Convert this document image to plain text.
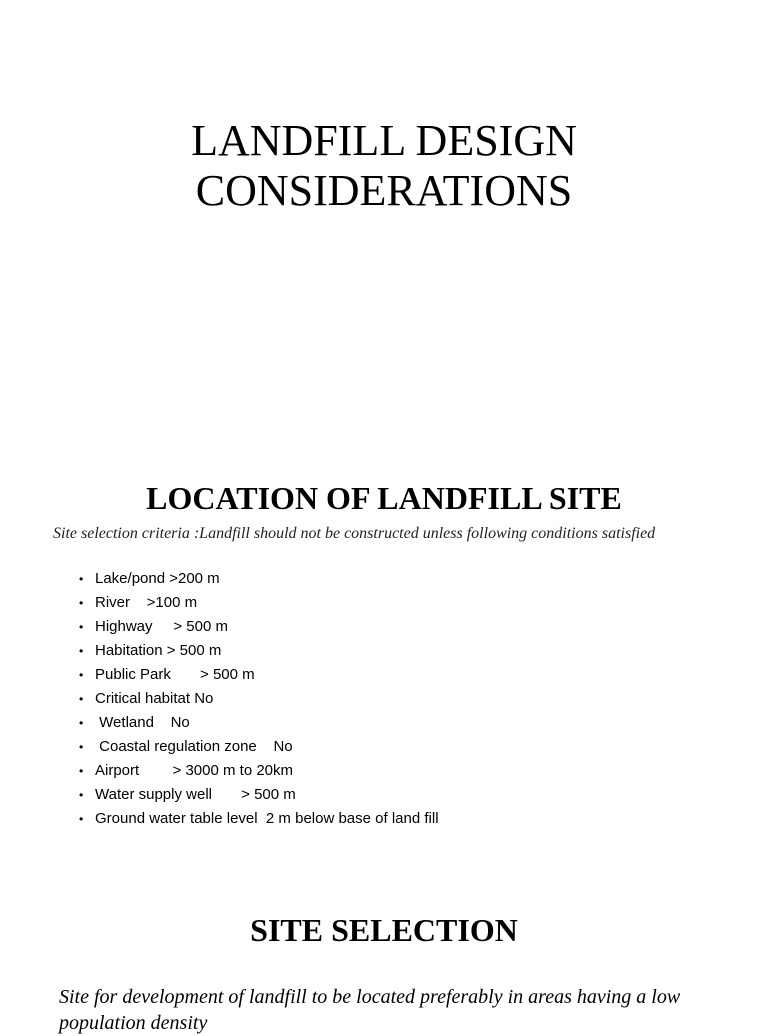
LANDFILL DESIGN
CONSIDERATIONS
LOCATION OF LANDFILL SITE
Site selection criteria :Landfill should not be constructed unless following conditions satisfied
• Lake/pond >200 m
• River    >100 m
• Highway     > 500 m
• Habitation > 500 m
• Public Park       > 500 m
• Critical habitat No
• Wetland    No
• Coastal regulation zone    No
• Airport        > 3000 m to 20km
• Water supply well       > 500 m
• Ground water table level  2 m below base of land fill
SITE SELECTION
Site for development of landfill to be located preferably in areas having a low population density
